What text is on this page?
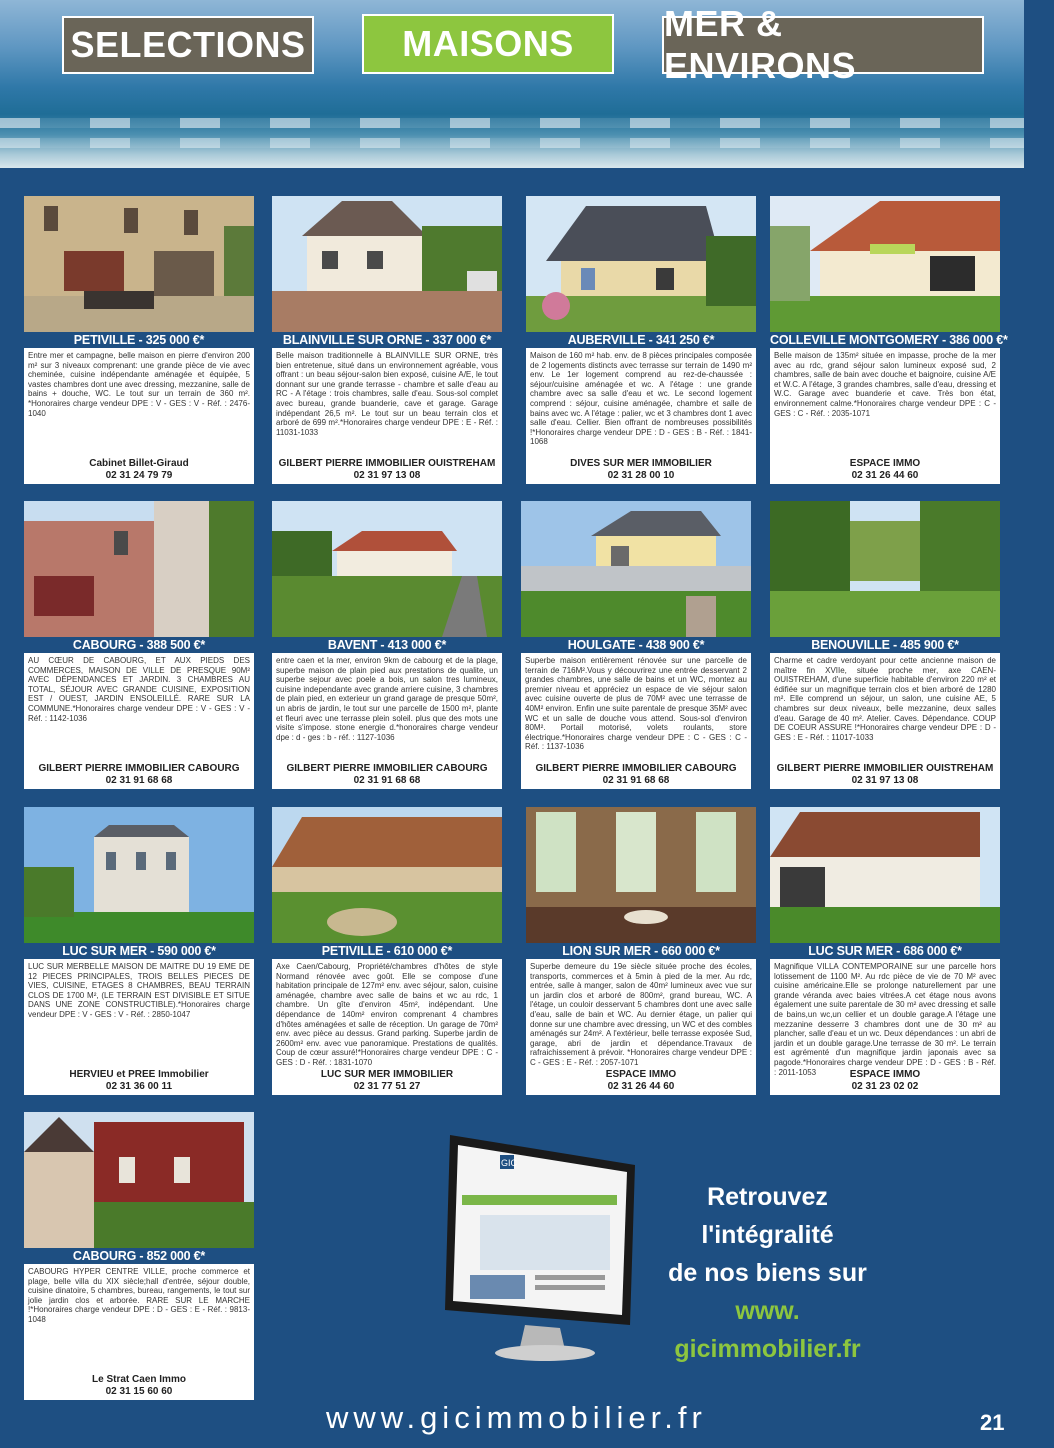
SELECTIONS	MAISONS	MER & ENVIRONS
PETIVILLE - 325 000 €*
Entre mer et campagne, belle maison en pierre d'environ 200 m² sur 3 niveaux comprenant: une grande pièce de vie avec cheminée, cuisine indépendante aménagée et équipée, 5 vastes chambres dont une avec dressing, mezzanine, salle de bains + douche, WC. Le tout sur un terrain de 360 m². *Honoraires charge vendeur DPE : V - GES : V - Réf. : 2476-1040
Cabinet Billet-Giraud
02 31 24 79 79
BLAINVILLE SUR ORNE - 337 000 €*
Belle maison traditionnelle à BLAINVILLE SUR ORNE, très bien entretenue, situé dans un environnement agréable, vous offrant : un beau séjour-salon bien exposé, cuisine A/E, le tout donnant sur une grande terrasse - chambre et salle d'eau au RC - A l'étage : trois chambres, salle d'eau. Sous-sol complet avec bureau, grande buanderie, cave et garage. Garage indépendant 26,5 m². Le tout sur un beau terrain clos et arboré de 699 m².*Honoraires charge vendeur DPE : E - Réf. : 11031-1033
GILBERT PIERRE IMMOBILIER OUISTREHAM
02 31 97 13 08
AUBERVILLE - 341 250 €*
Maison de 160 m² hab. env. de 8 pièces principales composée de 2 logements distincts avec terrasse sur terrain de 1490 m² env. Le 1er logement comprend au rez-de-chaussée : séjour/cuisine aménagée et wc. A l'étage : une grande chambre avec sa salle d'eau et wc. Le second logement comprend : séjour, cuisine aménagée, chambre et salle de bains avec wc. A l'étage : palier, wc et 3 chambres dont 1 avec salle d'eau. Cellier. Bien offrant de nombreuses possibilités !*Honoraires charge vendeur DPE : D - GES : B - Réf. : 1841-1068
DIVES SUR MER IMMOBILIER
02 31 28 00 10
COLLEVILLE MONTGOMERY - 386 000 €*
Belle maison de 135m² située en impasse, proche de la mer avec au rdc, grand séjour salon lumineux exposé sud, 2 chambres, salle de bain avec douche et baignoire, cuisine A/E et W.C. A l'étage, 3 grandes chambres, salle d'eau, dressing et W.C. Garage avec buanderie et cave. Très bon état, environnement calme.*Honoraires charge vendeur DPE : C - GES : C - Réf. : 2035-1071
ESPACE IMMO
02 31 26 44 60
CABOURG - 388 500 €*
AU CŒUR DE CABOURG, ET AUX PIEDS DES COMMERCES, MAISON DE VILLE DE PRESQUE 90M² AVEC DÉPENDANCES ET JARDIN. 3 CHAMBRES AU TOTAL, SÉJOUR AVEC GRANDE CUISINE, EXPOSITION EST / OUEST, JARDIN ENSOLEILLÉ. RARE SUR LA COMMUNE.*Honoraires charge vendeur DPE : V - GES : V - Réf. : 1142-1036
GILBERT PIERRE IMMOBILIER CABOURG
02 31 91 68 68
BAVENT - 413 000 €*
entre caen et la mer, environ 9km de cabourg et de la plage, superbe maison de plain pied aux prestations de qualite, un superbe sejour avec poele a bois, un salon tres lumineux, cuisine independante avec grande arriere cuisine, 3 chambres de plain pied, en exterieur un grand garage de presque 50m², un abris de jardin, le tout sur une parcelle de 1500 m², plante et fleuri avec une terrasse plein soleil. plus que des mots une visite s'impose. stone energie d.*honoraires charge vendeur dpe : d - ges : b - réf. : 1127-1036
GILBERT PIERRE IMMOBILIER CABOURG
02 31 91 68 68
HOULGATE - 438 900 €*
Superbe maison entièrement rénovée sur une parcelle de terrain de 716M².Vous y découvrirez une entrée desservant 2 grandes chambres, une salle de bains et un WC, montez au premier niveau et appréciez un espace de vie séjour salon avec cuisine ouverte de plus de 70M² avec une terrasse de 40M² environ. Enfin une suite parentale de presque 35M² avec WC et un salle de douche vous attend. Sous-sol d'environ 80M². Portail motorisé, volets roulants, store électrique.*Honoraires charge vendeur DPE : C - GES : C - Réf. : 1137-1036
GILBERT PIERRE IMMOBILIER CABOURG
02 31 91 68 68
BENOUVILLE - 485 900 €*
Charme et cadre verdoyant pour cette ancienne maison de maître fin XVIIe, située proche mer, axe CAEN-OUISTREHAM, d'une superficie habitable d'environ 220 m² et édifiée sur un magnifique terrain clos et bien arboré de 1280 m². Elle comprend un séjour, un salon, une cuisine AE, 5 chambres sur deux niveaux, belle mezzanine, deux salles d'eau. Garage de 40 m². Atelier. Caves. Dépendance. COUP DE COEUR ASSURE !*Honoraires charge vendeur DPE : D - GES : E - Réf. : 11017-1033
GILBERT PIERRE IMMOBILIER OUISTREHAM
02 31 97 13 08
LUC SUR MER - 590 000 €*
LUC SUR MERBELLE MAISON DE MAITRE DU 19 EME DE 12 PIECES PRINCIPALES, TROIS BELLES PIECES DE VIES, CUISINE, ETAGES 8 CHAMBRES, BEAU TERRAIN CLOS DE 1700 M², (LE TERRAIN EST DIVISIBLE ET SITUE DANS UNE ZONE CONSTRUCTIBLE).*Honoraires charge vendeur DPE : V - GES : V - Réf. : 2850-1047
HERVIEU et PREE Immobilier
02 31 36 00 11
PETIVILLE - 610 000 €*
Axe Caen/Cabourg, Propriété/chambres d'hôtes de style Normand rénovée avec goût. Elle se compose d'une habitation principale de 127m² env. avec séjour, salon, cuisine aménagée, chambre avec salle de bains et wc au rdc, 1 chambre. Un gîte d'environ 45m², indépendant. Une dépendance de 140m² environ comprenant 4 chambres d'hôtes aménagées et salle de réception. Un garage de 70m² env. avec pièce au dessus. Grand parking. Superbe jardin de 2600m² env. avec vue panoramique. Prestations de qualités. Coup de cœur assuré!*Honoraires charge vendeur DPE : C - GES : D - Réf. : 1831-1070
LUC SUR MER IMMOBILIER
02 31 77 51 27
LION SUR MER - 660 000 €*
Superbe demeure du 19e siècle située proche des écoles, transports, commerces et à 5min à pied de la mer. Au rdc, entrée, salle à manger, salon de 40m² lumineux avec vue sur un jardin clos et arboré de 800m², grand bureau, WC. A l'étage, un couloir desservant 5 chambres dont une avec salle d'eau, salle de bain et WC. Au dernier étage, un palier qui donne sur une chambre avec dressing, un WC et des combles aménagés sur 24m². A l'extérieur, belle terrasse exposée Sud, garage, abri de jardin et dépendance.Travaux de rafraichissement à prévoir. *Honoraires charge vendeur DPE : C - GES : E - Réf. : 2057-1071
ESPACE IMMO
02 31 26 44 60
LUC SUR MER - 686 000 €*
Magnifique VILLA CONTEMPORAINE sur une parcelle hors lotissement de 1100 M². Au rdc pièce de vie de 70 M² avec cuisine américaine.Elle se prolonge naturellement par une grande véranda avec baies vitrées.A cet étage nous avons également une suite parentale de 30 m² avec dressing et salle de bains,un wc,un cellier et un double garage.A l'étage une mezzanine desserre 3 chambres dont une de 30 m² au plancher, salle d'eau et un wc. Deux dépendances : un abri de jardin et un double garage.Une terrasse de 30 m². Le terrain est agrémenté d'un magnifique jardin japonais avec sa pagode.*Honoraires charge vendeur DPE : D - GES : B - Réf. : 2011-1053	ESPACE IMMO
02 31 23 02 02
CABOURG - 852 000 €*
CABOURG HYPER CENTRE VILLE, proche commerce et plage, belle villa du XIX siècle;hall d'entrée, séjour double, cuisine dinatoire, 5 chambres, bureau, rangements, le tout sur jolie jardin clos et arborée. RARE SUR LE MARCHE !*Honoraires charge vendeur DPE : D - GES : E - Réf. : 9813-1048
Le Strat Caen Immo
02 31 15 60 60
GIC
Retrouvez
l'intégralité
de nos biens sur
www.
gicimmobilier.fr
www.gicimmobilier.fr	21
